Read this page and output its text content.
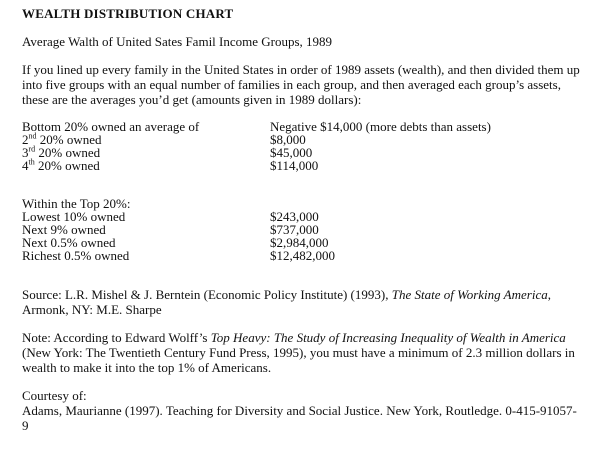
WEALTH DISTRIBUTION CHART
Average Walth of United Sates Famil Income Groups, 1989
If you lined up every family in the United States in order of 1989 assets (wealth), and then divided them up into five groups with an equal number of families in each group, and then averaged each group’s assets, these are the averages you’d get (amounts given in 1989 dollars):
Bottom 20% owned an average of	Negative $14,000 (more debts than assets)
2nd 20% owned	$8,000
3rd 20% owned	$45,000
4th 20% owned	$114,000
Within the Top 20%:
Lowest 10% owned	$243,000
Next 9% owned	$737,000
Next 0.5% owned	$2,984,000
Richest 0.5% owned	$12,482,000
Source: L.R. Mishel & J. Berntein (Economic Policy Institute) (1993), The State of Working America, Armonk, NY: M.E. Sharpe
Note: According to Edward Wolff’s Top Heavy: The Study of Increasing Inequality of Wealth in America (New York: The Twentieth Century Fund Press, 1995), you must have a minimum of 2.3 million dollars in wealth to make it into the top 1% of Americans.
Courtesy of:
Adams, Maurianne (1997). Teaching for Diversity and Social Justice. New York, Routledge. 0-415-91057-9
